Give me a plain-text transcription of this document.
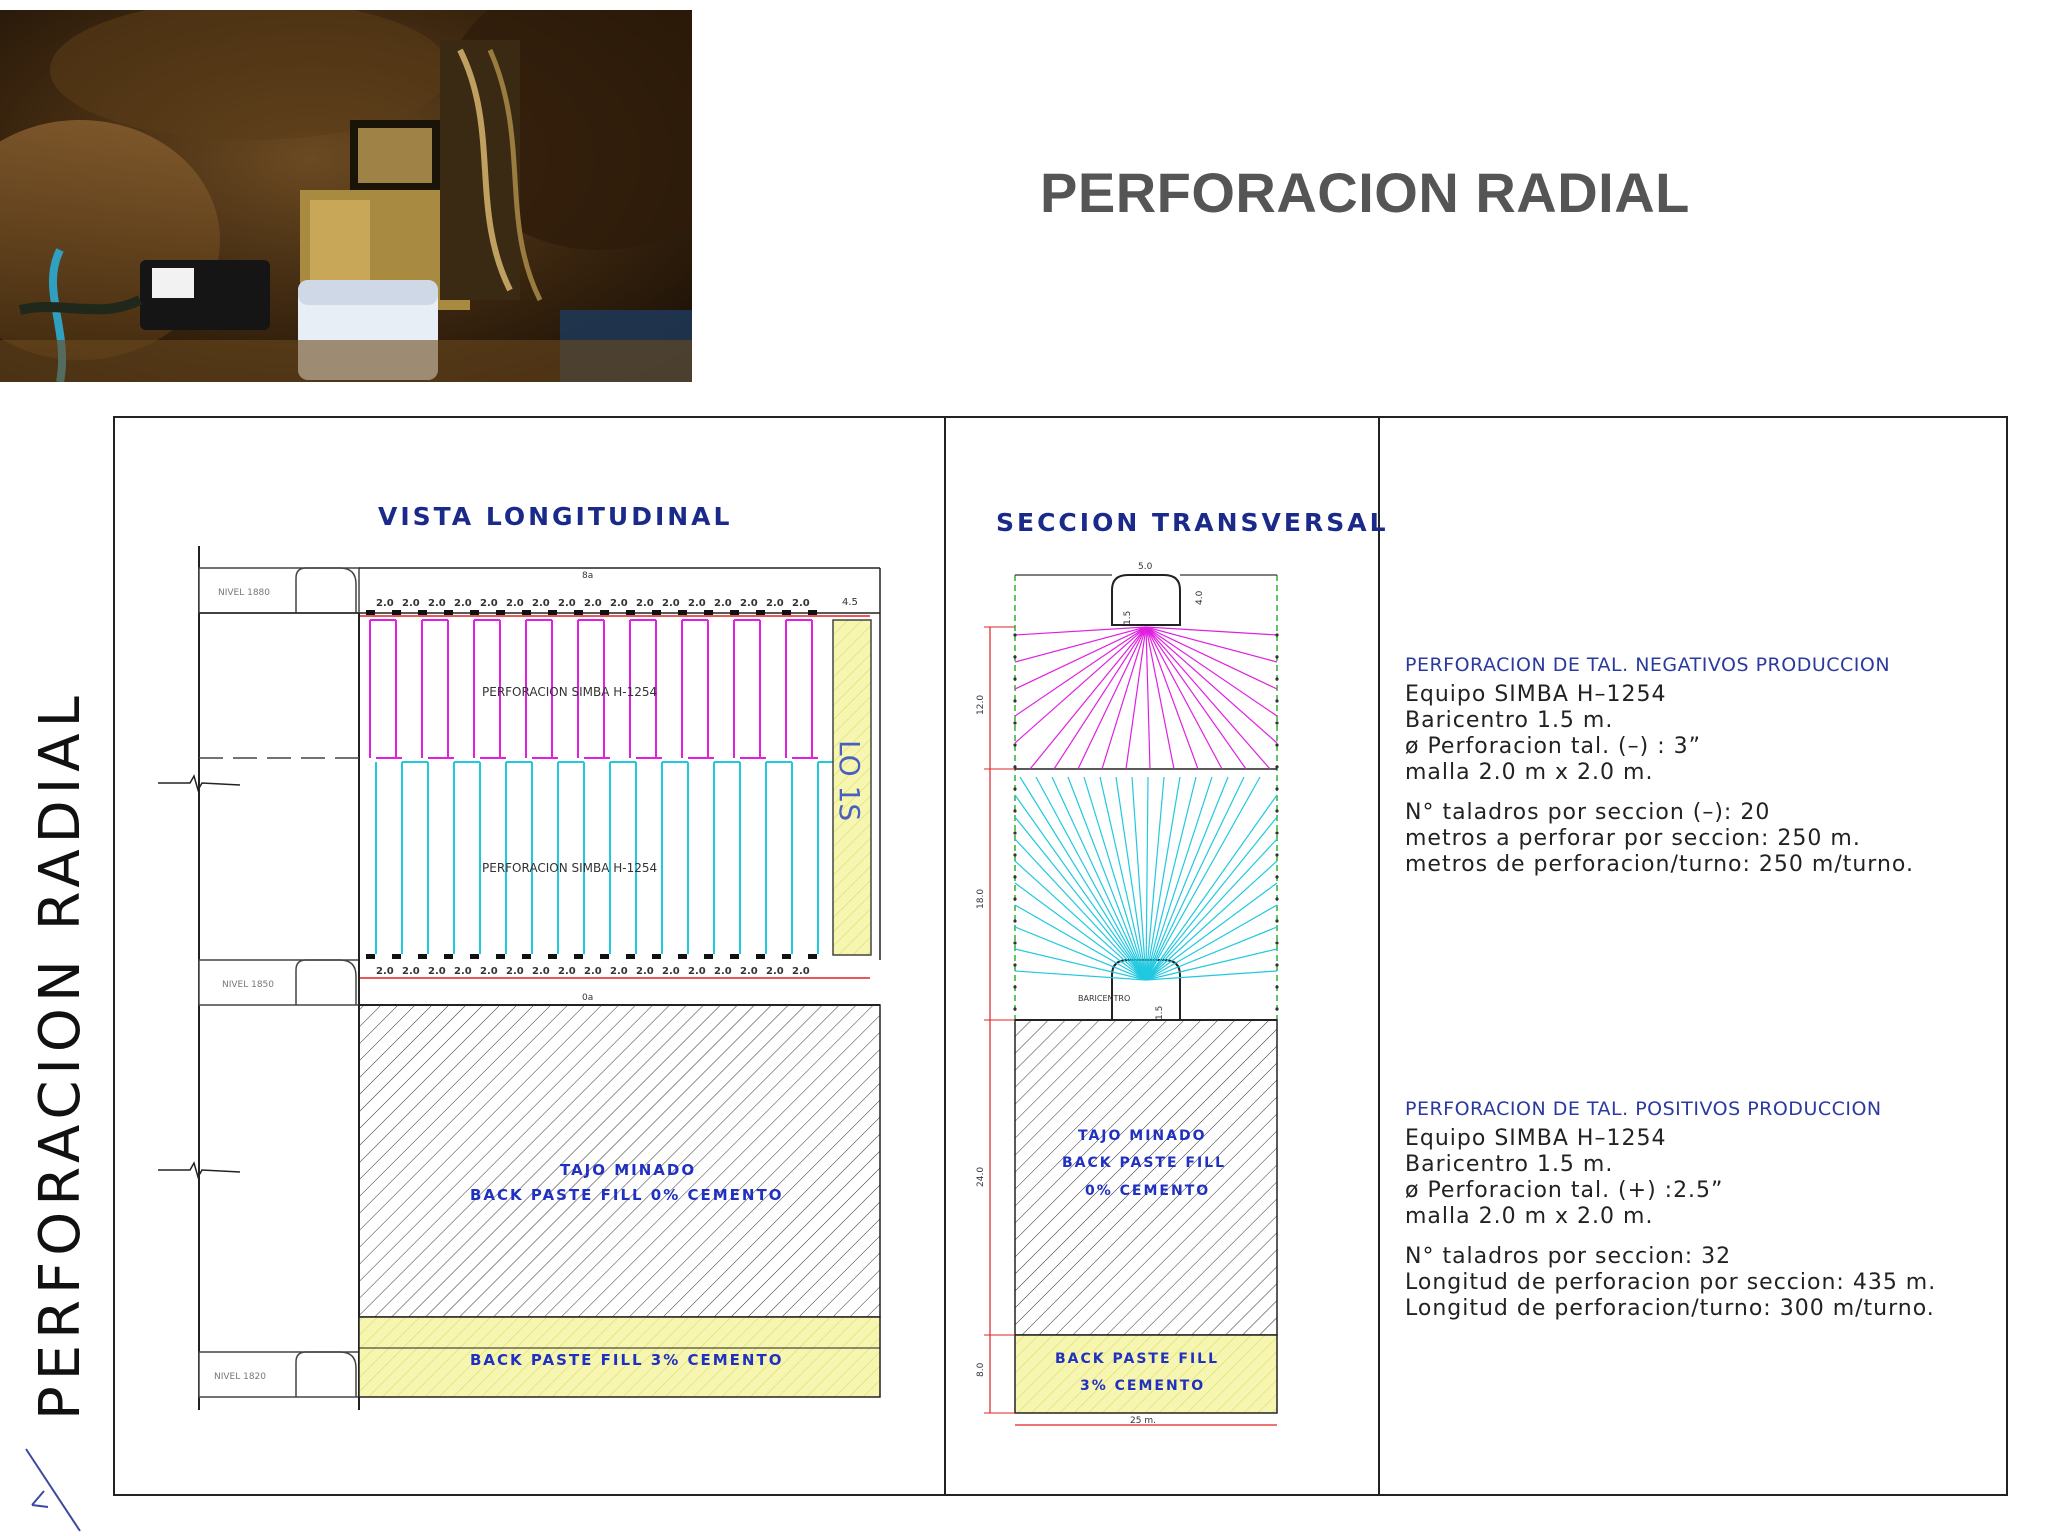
PERFORACION RADIAL
PERFORACION RADIAL
VISTA LONGITUDINAL
NIVEL 1880
NIVEL 1850
NIVEL 1820
8a
0a
2.0
2.0
2.0
2.0
2.0
2.0
2.0
2.0
2.0
2.0
2.0
2.0
2.0
2.0
2.0
2.0
2.0
2.0
2.0
2.0
2.0
2.0
2.0
2.0
2.0
2.0
2.0
2.0
2.0
2.0
2.0
2.0
2.0
2.0
LO 1S
PERFORACION SIMBA H-1254
PERFORACION SIMBA H-1254
TAJO MINADO
BACK PASTE FILL 0% CEMENTO
BACK PASTE FILL 3% CEMENTO
4.5
SECCION TRANSVERSAL
12.0
18.0
24.0
8.0
25 m.
5.0
4.0
1.5
1.5
BARICENTRO
TAJO MINADO
BACK PASTE FILL
0% CEMENTO
BACK PASTE FILL
3% CEMENTO
PERFORACION DE TAL. NEGATIVOS PRODUCCION
Equipo SIMBA H–1254
Baricentro 1.5 m.
ø Perforacion tal. (–) : 3”
malla 2.0 m x 2.0 m.
N° taladros por seccion (–): 20
metros a perforar por seccion: 250 m.
metros de perforacion/turno: 250 m/turno.
PERFORACION DE TAL. POSITIVOS PRODUCCION
Equipo SIMBA H–1254
Baricentro 1.5 m.
ø Perforacion tal. (+) :2.5”
malla 2.0 m x 2.0 m.
N° taladros por seccion: 32
Longitud de perforacion por seccion: 435 m.
Longitud de perforacion/turno: 300 m/turno.
